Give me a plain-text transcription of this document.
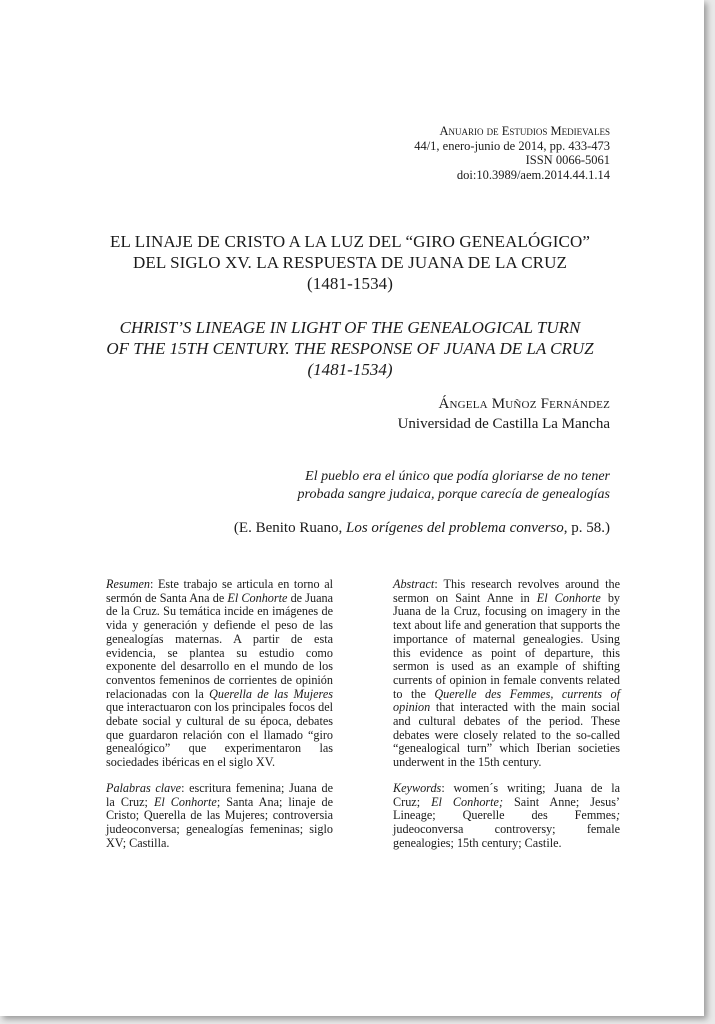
Anuario de Estudios Medievales
44/1, enero-junio de 2014, pp. 433-473
ISSN 0066-5061
doi:10.3989/aem.2014.44.1.14
EL LINAJE DE CRISTO A LA LUZ DEL “GIRO GENEALÓGICO”
DEL SIGLO XV. LA RESPUESTA DE JUANA DE LA CRUZ
(1481-1534)
CHRIST’S LINEAGE IN LIGHT OF THE GENEALOGICAL TURN
OF THE 15TH CENTURY. THE RESPONSE OF JUANA DE LA CRUZ
(1481-1534)
Ángela Muñoz Fernández
Universidad de Castilla La Mancha
El pueblo era el único que podía gloriarse de no tener
probada sangre judaica, porque carecía de genealogías
(E. Benito Ruano, Los orígenes del problema converso, p. 58.)

Resumen: Este trabajo se articula en torno al sermón de Santa Ana de El Conhorte de Juana de la Cruz. Su temática incide en imágenes de vida y generación y defiende el peso de las genealogías maternas. A partir de esta evidencia, se plantea su estudio como exponente del desarrollo en el mundo de los conventos femeninos de corrientes de opinión relacionadas con la Querella de las Mujeres que interactuaron con los principales focos del debate social y cultural de su época, debates que guardaron relación con el llamado “giro genealógico” que experimentaron las sociedades ibéricas en el siglo XV.

Palabras clave: escritura femenina; Juana de la Cruz; El Conhorte; Santa Ana; linaje de Cristo; Querella de las Mujeres; controversia judeoconversa; genealogías femeninas; siglo XV; Castilla.

Abstract: This research revolves around the sermon on Saint Anne in El Conhorte by Juana de la Cruz, focusing on imagery in the text about life and generation that supports the importance of maternal genealogies. Using this evidence as point of departure, this sermon is used as an example of shifting currents of opinion in female convents related to the Querelle des Femmes, currents of opinion that interacted with the main social and cultural debates of the period. These debates were closely related to the so-called “genealogical turn” which Iberian societies underwent in the 15th century.

Keywords: women´s writing; Juana de la Cruz; El Conhorte; Saint Anne; Jesus’ Lineage; Querelle des Femmes; judeoconversa controversy; female genealogies; 15th century; Castile.
